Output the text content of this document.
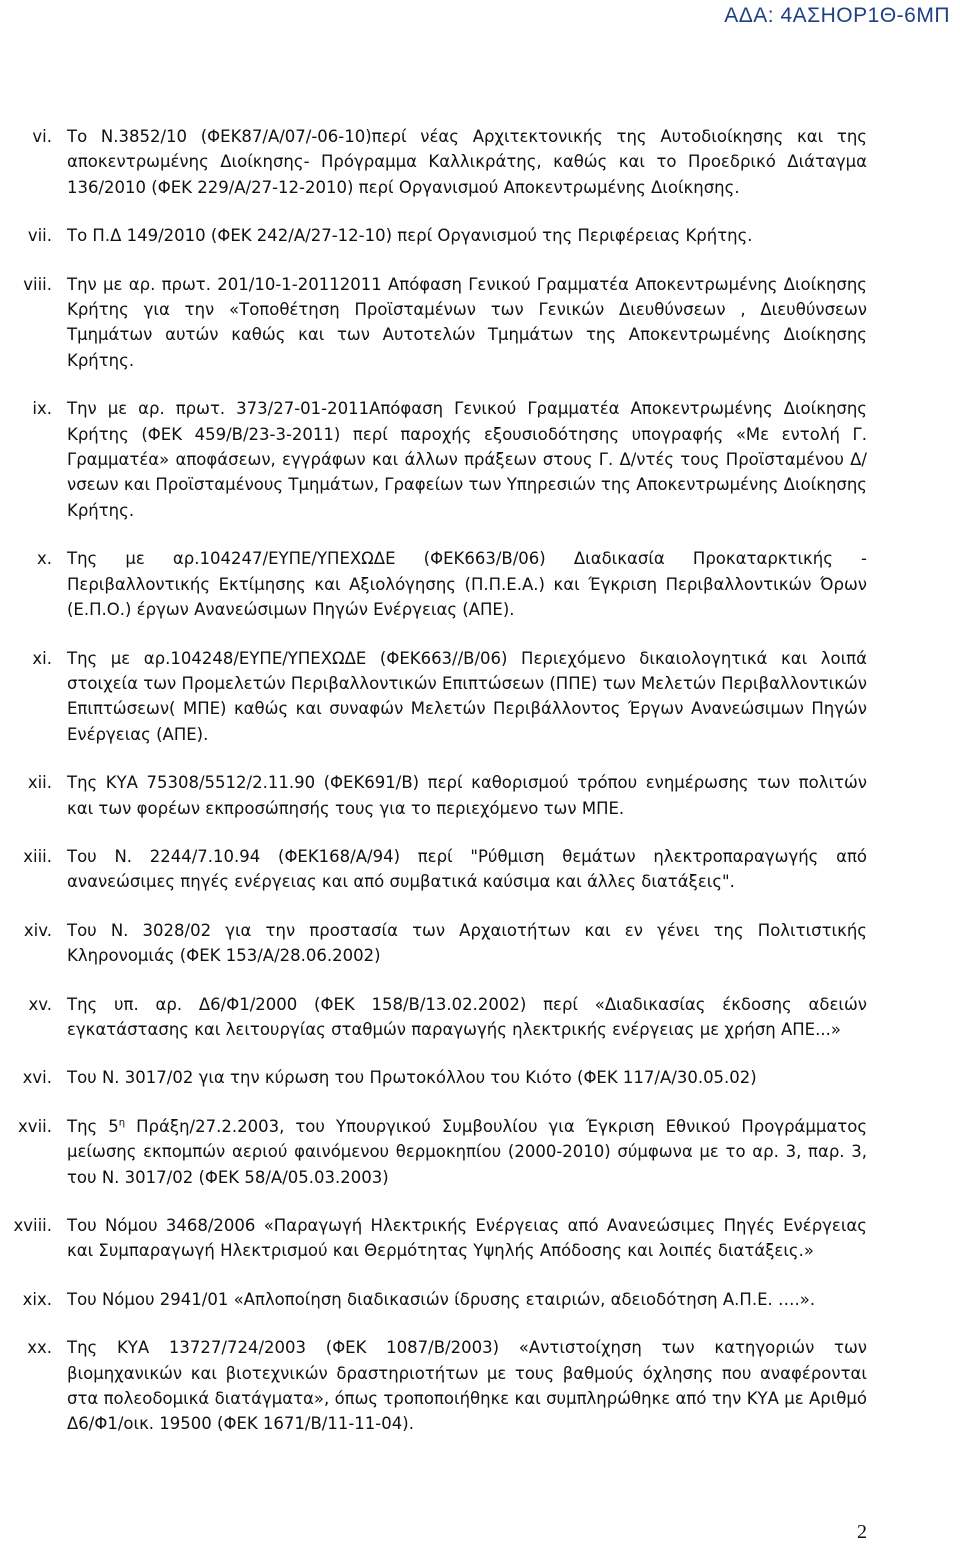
ΑΔΑ: 4ΑΣΗΟΡ1Θ-6ΜΠ
vi. Το Ν.3852/10 (ΦΕΚ87/Α/07/-06-10)περί νέας Αρχιτεκτονικής της Αυτοδιοίκησης και της αποκεντρωμένης Διοίκησης- Πρόγραμμα Καλλικράτης, καθώς και το Προεδρικό Διάταγμα 136/2010 (ΦΕΚ 229/Α/27-12-2010) περί Οργανισμού Αποκεντρωμένης Διοίκησης.
vii. Το Π.Δ 149/2010 (ΦΕΚ 242/Α/27-12-10) περί Οργανισμού της Περιφέρειας Κρήτης.
viii. Την με αρ. πρωτ. 201/10-1-20112011 Απόφαση Γενικού Γραμματέα Αποκεντρωμένης Διοίκησης Κρήτης για την «Τοποθέτηση Προϊσταμένων των Γενικών Διευθύνσεων , Διευθύνσεων Τμημάτων αυτών καθώς και των Αυτοτελών Τμημάτων της Αποκεντρωμένης Διοίκησης Κρήτης.
ix. Την με αρ. πρωτ. 373/27-01-2011Απόφαση Γενικού Γραμματέα Αποκεντρωμένης Διοίκησης Κρήτης (ΦΕΚ 459/Β/23-3-2011) περί παροχής εξουσιοδότησης υπογραφής «Με εντολή Γ. Γραμματέα» αποφάσεων, εγγράφων και άλλων πράξεων στους Γ. Δ/ντές τους Προϊσταμένου Δ/νσεων και Προϊσταμένους Τμημάτων, Γραφείων των Υπηρεσιών της Αποκεντρωμένης Διοίκησης Κρήτης.
x. Της με αρ.104247/ΕΥΠΕ/ΥΠΕΧΩΔΕ (ΦΕΚ663/Β/06) Διαδικασία Προκαταρκτικής - Περιβαλλοντικής Εκτίμησης και Αξιολόγησης (Π.Π.Ε.Α.) και Έγκριση Περιβαλλοντικών Όρων (Ε.Π.Ο.) έργων Ανανεώσιμων Πηγών Ενέργειας (ΑΠΕ).
xi. Της με αρ.104248/ΕΥΠΕ/ΥΠΕΧΩΔΕ (ΦΕΚ663//Β/06) Περιεχόμενο δικαιολογητικά και λοιπά στοιχεία των Προμελετών Περιβαλλοντικών Επιπτώσεων (ΠΠΕ) των Μελετών Περιβαλλοντικών Επιπτώσεων( ΜΠΕ) καθώς και συναφών Μελετών Περιβάλλοντος Έργων Ανανεώσιμων Πηγών Ενέργειας (ΑΠΕ).
xii. Της ΚΥΑ 75308/5512/2.11.90 (ΦΕΚ691/Β) περί καθορισμού τρόπου ενημέρωσης των πολιτών και των φορέων εκπροσώπησής τους για το περιεχόμενο των ΜΠΕ.
xiii. Του Ν. 2244/7.10.94 (ΦΕΚ168/Α/94) περί "Ρύθμιση θεμάτων ηλεκτροπαραγωγής από ανανεώσιμες πηγές ενέργειας και από συμβατικά καύσιμα και άλλες διατάξεις".
xiv. Του Ν. 3028/02 για την προστασία των Αρχαιοτήτων και εν γένει της Πολιτιστικής Κληρονομιάς (ΦΕΚ 153/Α/28.06.2002)
xv. Της υπ. αρ. Δ6/Φ1/2000 (ΦΕΚ 158/Β/13.02.2002) περί «Διαδικασίας έκδοσης αδειών εγκατάστασης και λειτουργίας σταθμών παραγωγής ηλεκτρικής ενέργειας με χρήση ΑΠΕ...»
xvi. Του Ν. 3017/02 για την κύρωση του Πρωτοκόλλου του Κιότο (ΦΕΚ 117/Α/30.05.02)
xvii. Της $5^\eta$ Πράξη/27.2.2003, του Υπουργικού Συμβουλίου για Έγκριση Εθνικού Προγράμματος μείωσης εκπομπών αεριού φαινόμενου θερμοκηπίου (2000-2010) σύμφωνα με το αρ. 3, παρ. 3, του Ν. 3017/02 (ΦΕΚ 58/Α/05.03.2003)
xviii. Του Νόμου 3468/2006 «Παραγωγή Ηλεκτρικής Ενέργειας από Ανανεώσιμες Πηγές Ενέργειας και Συμπαραγωγή Ηλεκτρισμού και Θερμότητας Υψηλής Απόδοσης και λοιπές διατάξεις.»
xix. Του Νόμου 2941/01 «Απλοποίηση διαδικασιών ίδρυσης εταιριών, αδειοδότηση Α.Π.Ε. ….».
xx. Της ΚΥΑ 13727/724/2003 (ΦΕΚ 1087/Β/2003) «Αντιστοίχηση των κατηγοριών των βιομηχανικών και βιοτεχνικών δραστηριοτήτων με τους βαθμούς όχλησης που αναφέρονται στα πολεοδομικά διατάγματα», όπως τροποποιήθηκε και συμπληρώθηκε από την ΚΥΑ με Αριθμό Δ6/Φ1/οικ. 19500 (ΦΕΚ 1671/Β/11-11-04).
2
